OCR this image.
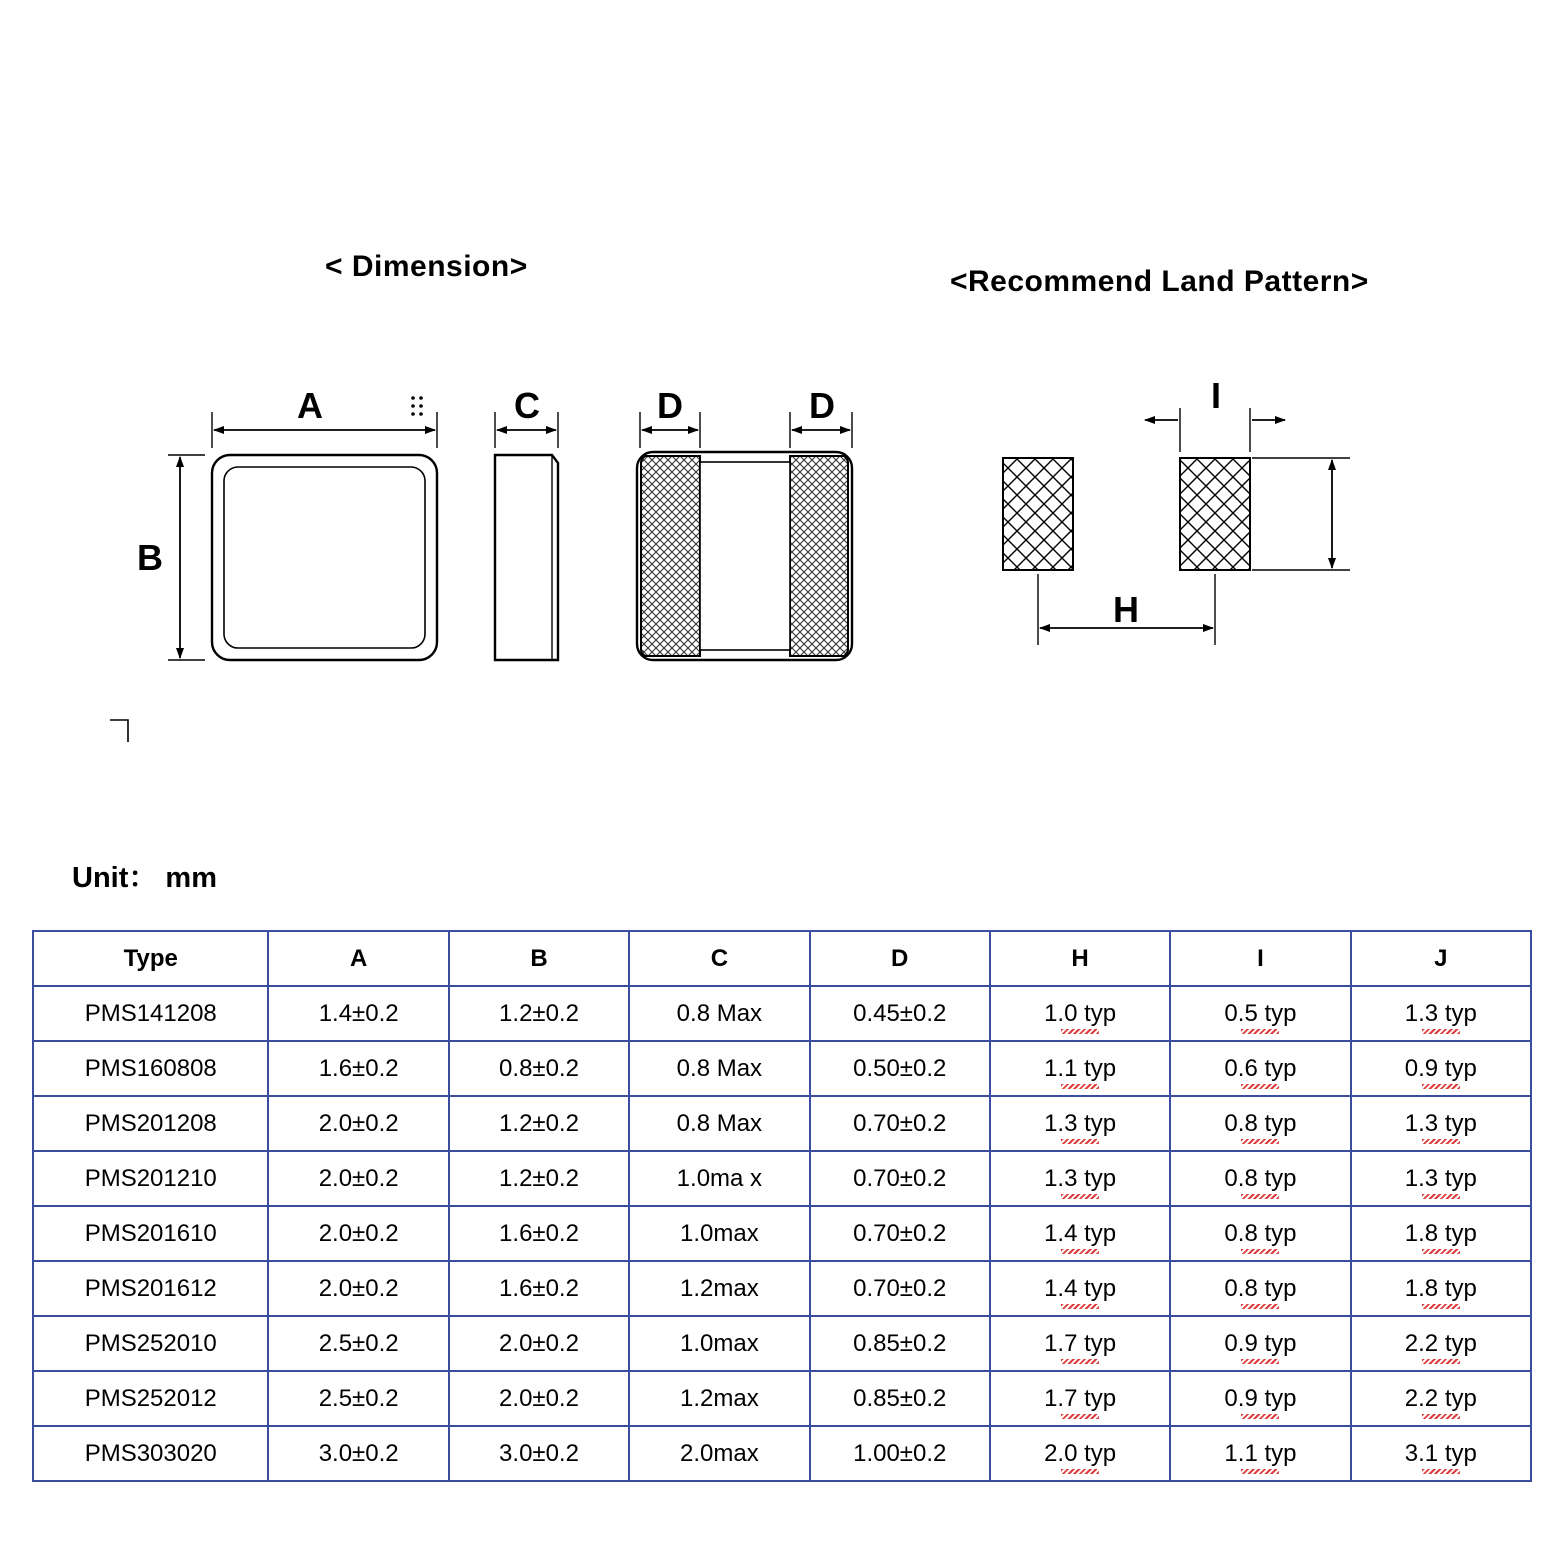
< Dimension>	<Recommend Land Pattern>
Unit： mm
A
B
C	D	D
H
I
Type	A	B	C	D	H	I	J
PMS141208	1.4±0.2	1.2±0.2	0.8 Max	0.45±0.2	1.0 typ	0.5 typ	1.3 typ
PMS160808	1.6±0.2	0.8±0.2	0.8 Max	0.50±0.2	1.1 typ	0.6 typ	0.9 typ
PMS201208	2.0±0.2	1.2±0.2	0.8 Max	0.70±0.2	1.3 typ	0.8 typ	1.3 typ
PMS201210	2.0±0.2	1.2±0.2	1.0ma x	0.70±0.2	1.3 typ	0.8 typ	1.3 typ
PMS201610	2.0±0.2	1.6±0.2	1.0max	0.70±0.2	1.4 typ	0.8 typ	1.8 typ
PMS201612	2.0±0.2	1.6±0.2	1.2max	0.70±0.2	1.4 typ	0.8 typ	1.8 typ
PMS252010	2.5±0.2	2.0±0.2	1.0max	0.85±0.2	1.7 typ	0.9 typ	2.2 typ
PMS252012	2.5±0.2	2.0±0.2	1.2max	0.85±0.2	1.7 typ	0.9 typ	2.2 typ
PMS303020	3.0±0.2	3.0±0.2	2.0max	1.00±0.2	2.0 typ	1.1 typ	3.1 typ
